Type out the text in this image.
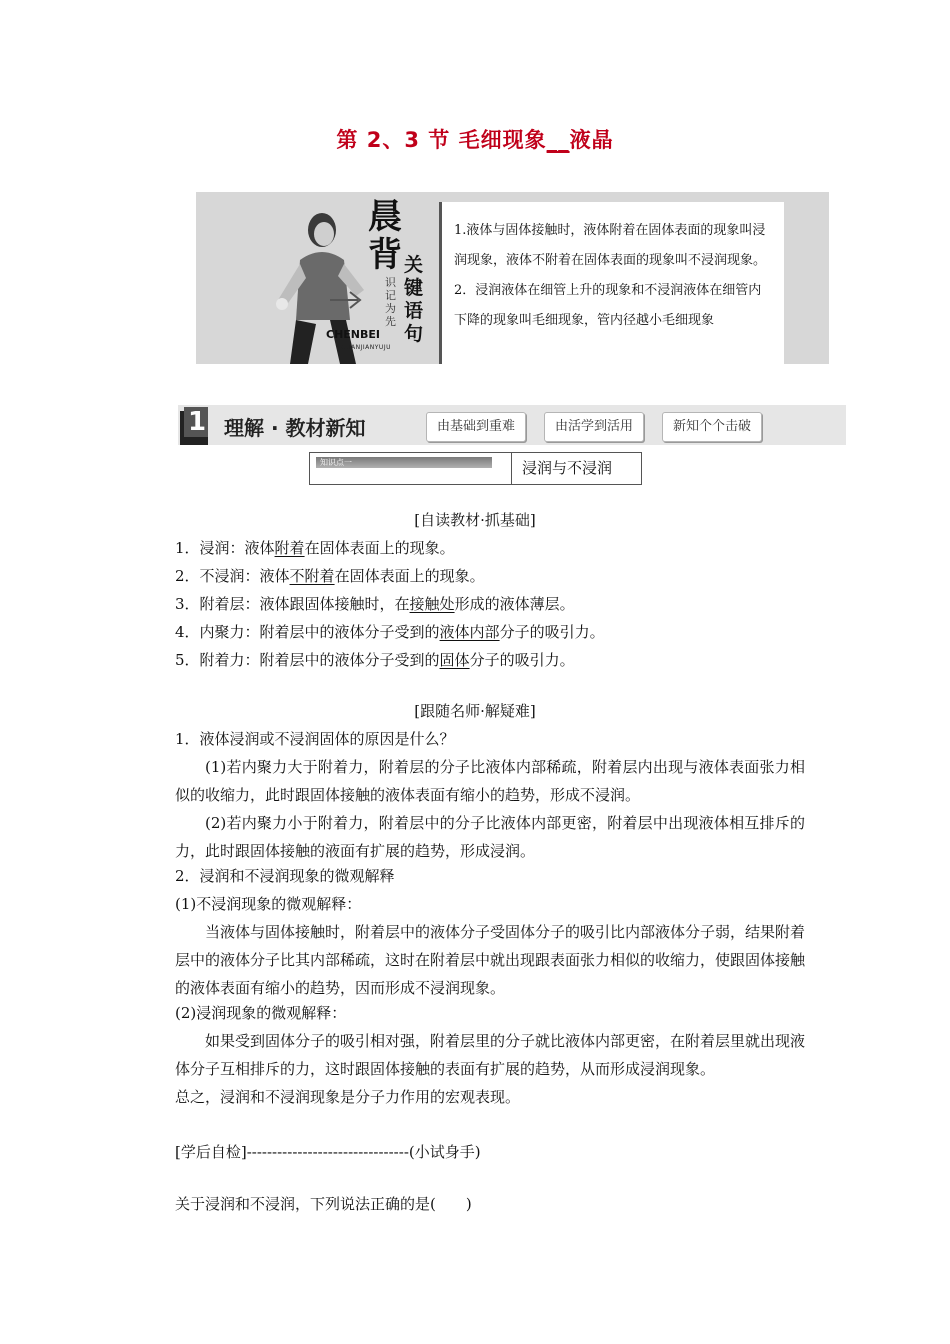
第 2、3 节 毛细现象__液晶
晨
背
识记为先
关键语句
CHENBEI
GUANJIANYUJU

1.液体与固体接触时，液体附着在固体表面的现象叫浸润现象，液体不附着在固体表面的现象叫不浸润现象。

2．浸润液体在细管上升的现象和不浸润液体在细管内下降的现象叫毛细现象，管内径越小毛细现象

1 理解 · 教材新知	由基础到重难	由活学到活用	新知个个击破
知识点一	浸润与不浸润
[自读教材·抓基础]
1．浸润：液体附着在固体表面上的现象。
2．不浸润：液体不附着在固体表面上的现象。
3．附着层：液体跟固体接触时，在接触处形成的液体薄层。
4．内聚力：附着层中的液体分子受到的液体内部分子的吸引力。
5．附着力：附着层中的液体分子受到的固体分子的吸引力。
[跟随名师·解疑难]
1．液体浸润或不浸润固体的原因是什么？

(1)若内聚力大于附着力，附着层的分子比液体内部稀疏，附着层内出现与液体表面张力相似的收缩力，此时跟固体接触的液体表面有缩小的趋势，形成不浸润。

(2)若内聚力小于附着力，附着层中的分子比液体内部更密，附着层中出现液体相互排斥的力，此时跟固体接触的液面有扩展的趋势，形成浸润。

2．浸润和不浸润现象的微观解释
(1)不浸润现象的微观解释：

当液体与固体接触时，附着层中的液体分子受固体分子的吸引比内部液体分子弱，结果附着层中的液体分子比其内部稀疏，这时在附着层中就出现跟表面张力相似的收缩力，使跟固体接触的液体表面有缩小的趋势，因而形成不浸润现象。

(2)浸润现象的微观解释：

如果受到固体分子的吸引相对强，附着层里的分子就比液体内部更密，在附着层里就出现液体分子互相排斥的力，这时跟固体接触的表面有扩展的趋势，从而形成浸润现象。

总之，浸润和不浸润现象是分子力作用的宏观表现。
[学后自检]--------------------------------(小试身手)
关于浸润和不浸润，下列说法正确的是(　　)
